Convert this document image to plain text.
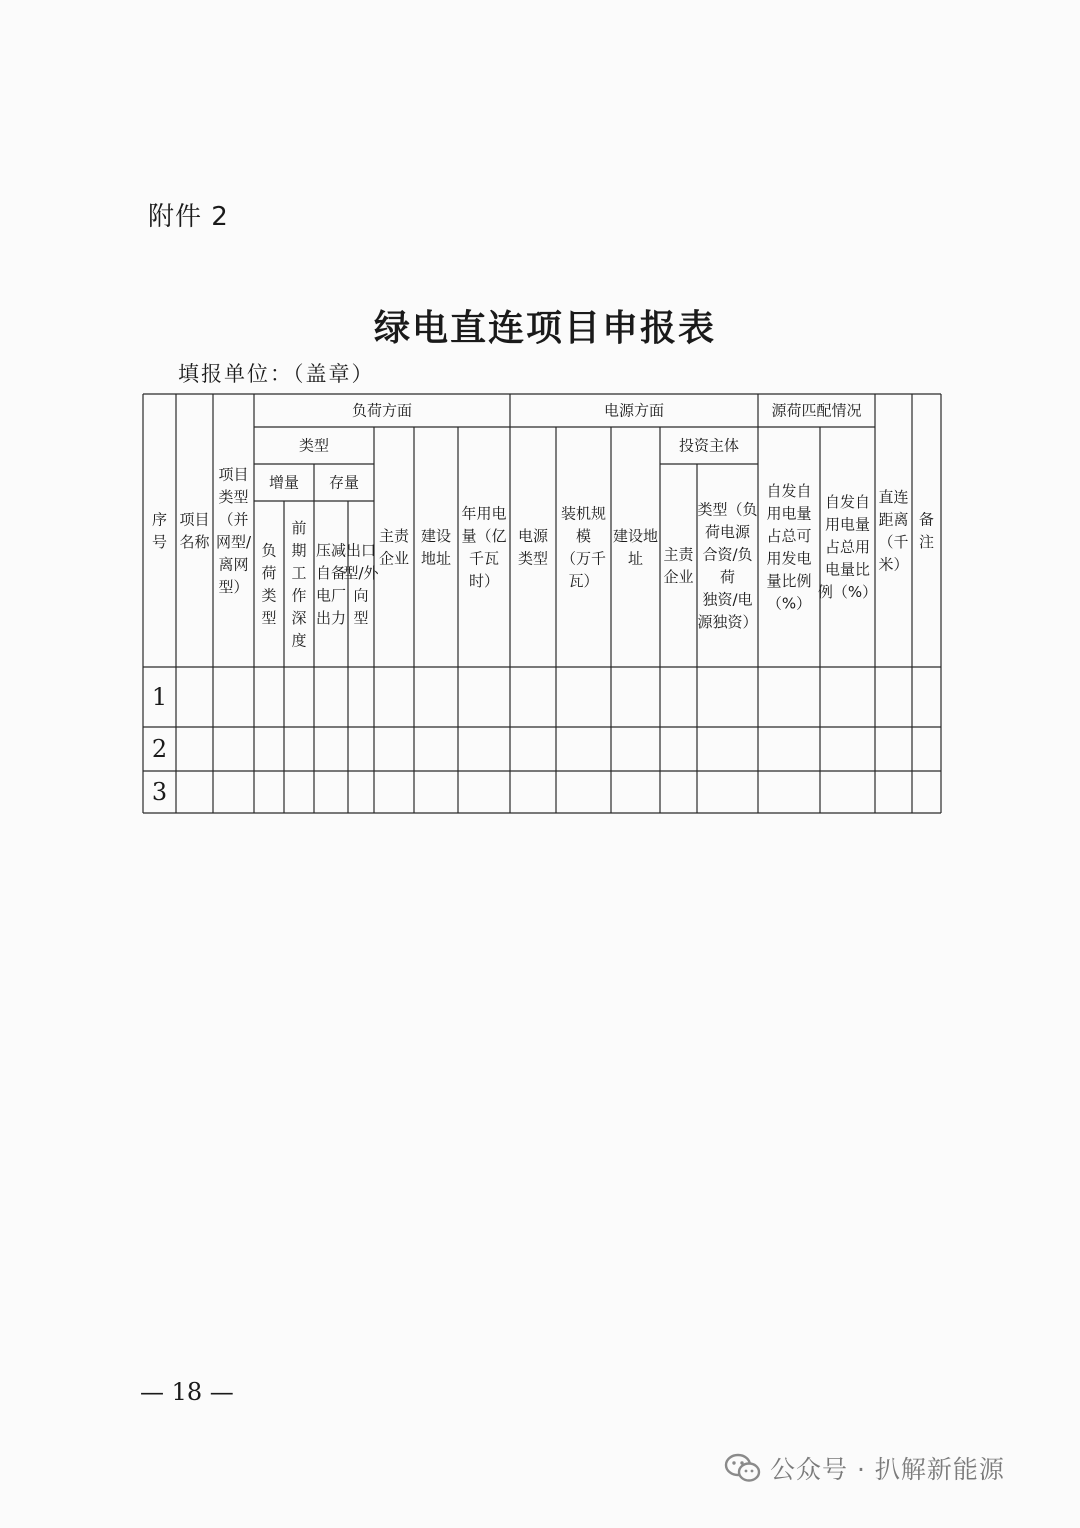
附件 2
绿电直连项目申报表
填报单位：（盖章）
序
号
项目
名称
项目
类型
（并
网型/
离网
型）
负荷方面
类型
增量 存量
负
荷
类
型
前
期
工
作
深
度
压减
自备
电厂
出力
出口
型/外
向
型
主责
企业
建设
地址
年用电
量（亿
千瓦
时）
电源方面
电源
类型
装机规
模
（万千
瓦）
建设地
址
投资主体
主责
企业
类型（负
荷电源
合资/负
荷
独资/电
源独资）
源荷匹配情况
自发自
用电量
占总可
用发电
量比例
（%）
自发自
用电量
占总用
电量比
例（%）
直连
距离
（千
米）
备
注
1
2
3
— 18 —
公众号 · 扒解新能源
